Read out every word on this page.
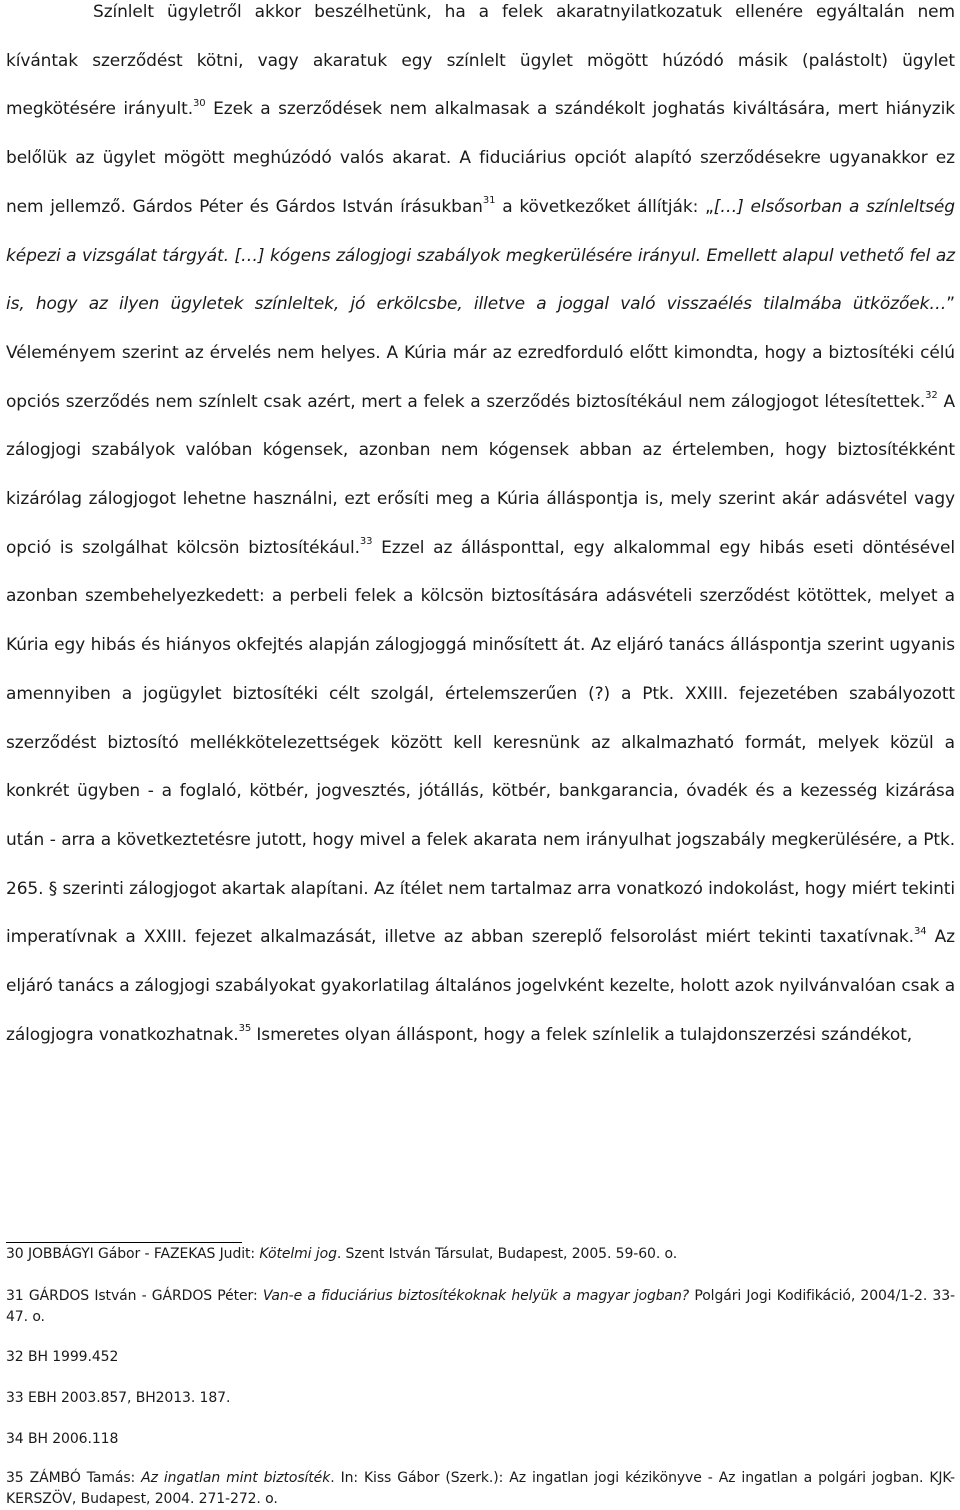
Színlelt ügyletről akkor beszélhetünk, ha a felek akaratnyilatkozatuk ellenére egyáltalán nem kívántak szerződést kötni, vagy akaratuk egy színlelt ügylet mögött húzódó másik (palástolt) ügylet megkötésére irányult.$^{30}$ Ezek a szerződések nem alkalmasak a szándékolt joghatás kiváltására, mert hiányzik belőlük az ügylet mögött meghúzódó valós akarat. A fiduciárius opciót alapító szerződésekre ugyanakkor ez nem jellemző. Gárdos Péter és Gárdos István írásukban$^{31}$ a következőket állítják: „[…] elsősorban a színleltség képezi a vizsgálat tárgyát. […] kógens zálogjogi szabályok megkerülésére irányul. Emellett alapul vethető fel az is, hogy az ilyen ügyletek színleltek, jó erkölcsbe, illetve a joggal való visszaélés tilalmába ütközőek…” Véleményem szerint az érvelés nem helyes. A Kúria már az ezredforduló előtt kimondta, hogy a biztosítéki célú opciós szerződés nem színlelt csak azért, mert a felek a szerződés biztosítékául nem zálogjogot létesítettek.$^{32}$ A zálogjogi szabályok valóban kógensek, azonban nem kógensek abban az értelemben, hogy biztosítékként kizárólag zálogjogot lehetne használni, ezt erősíti meg a Kúria álláspontja is, mely szerint akár adásvétel vagy opció is szolgálhat kölcsön biztosítékául.$^{33}$ Ezzel az állásponttal, egy alkalommal egy hibás eseti döntésével azonban szembehelyezkedett: a perbeli felek a kölcsön biztosítására adásvételi szerződést kötöttek, melyet a Kúria egy hibás és hiányos okfejtés alapján zálogjoggá minősített át. Az eljáró tanács álláspontja szerint ugyanis amennyiben a jogügylet biztosítéki célt szolgál, értelemszerűen (?) a Ptk. XXIII. fejezetében szabályozott szerződést biztosító mellékkötelezettségek között kell keresnünk az alkalmazható formát, melyek közül a konkrét ügyben - a foglaló, kötbér, jogvesztés, jótállás, kötbér, bankgarancia, óvadék és a kezesség kizárása után - arra a következtetésre jutott, hogy mivel a felek akarata nem irányulhat jogszabály megkerülésére, a Ptk. 265. § szerinti zálogjogot akartak alapítani. Az ítélet nem tartalmaz arra vonatkozó indokolást, hogy miért tekinti imperatívnak a XXIII. fejezet alkalmazását, illetve az abban szereplő felsorolást miért tekinti taxatívnak.$^{34}$ Az eljáró tanács a zálogjogi szabályokat gyakorlatilag általános jogelvként kezelte, holott azok nyilvánvalóan csak a zálogjogra vonatkozhatnak.$^{35}$ Ismeretes olyan álláspont, hogy a felek színlelik a tulajdonszerzési szándékot,

30 JOBBÁGYI Gábor - FAZEKAS Judit: Kötelmi jog. Szent István Társulat, Budapest, 2005. 59-60. o.

31 GÁRDOS István - GÁRDOS Péter: Van-e a fiduciárius biztosítékoknak helyük a magyar jogban? Polgári Jogi Kodifikáció, 2004/1-2. 33-47. o.

32 BH 1999.452

33 EBH 2003.857, BH2013. 187.

34 BH 2006.118

35 ZÁMBÓ Tamás: Az ingatlan mint biztosíték. In: Kiss Gábor (Szerk.): Az ingatlan jogi kézikönyve - Az ingatlan a polgári jogban. KJK-KERSZÖV, Budapest, 2004. 271-272. o.
